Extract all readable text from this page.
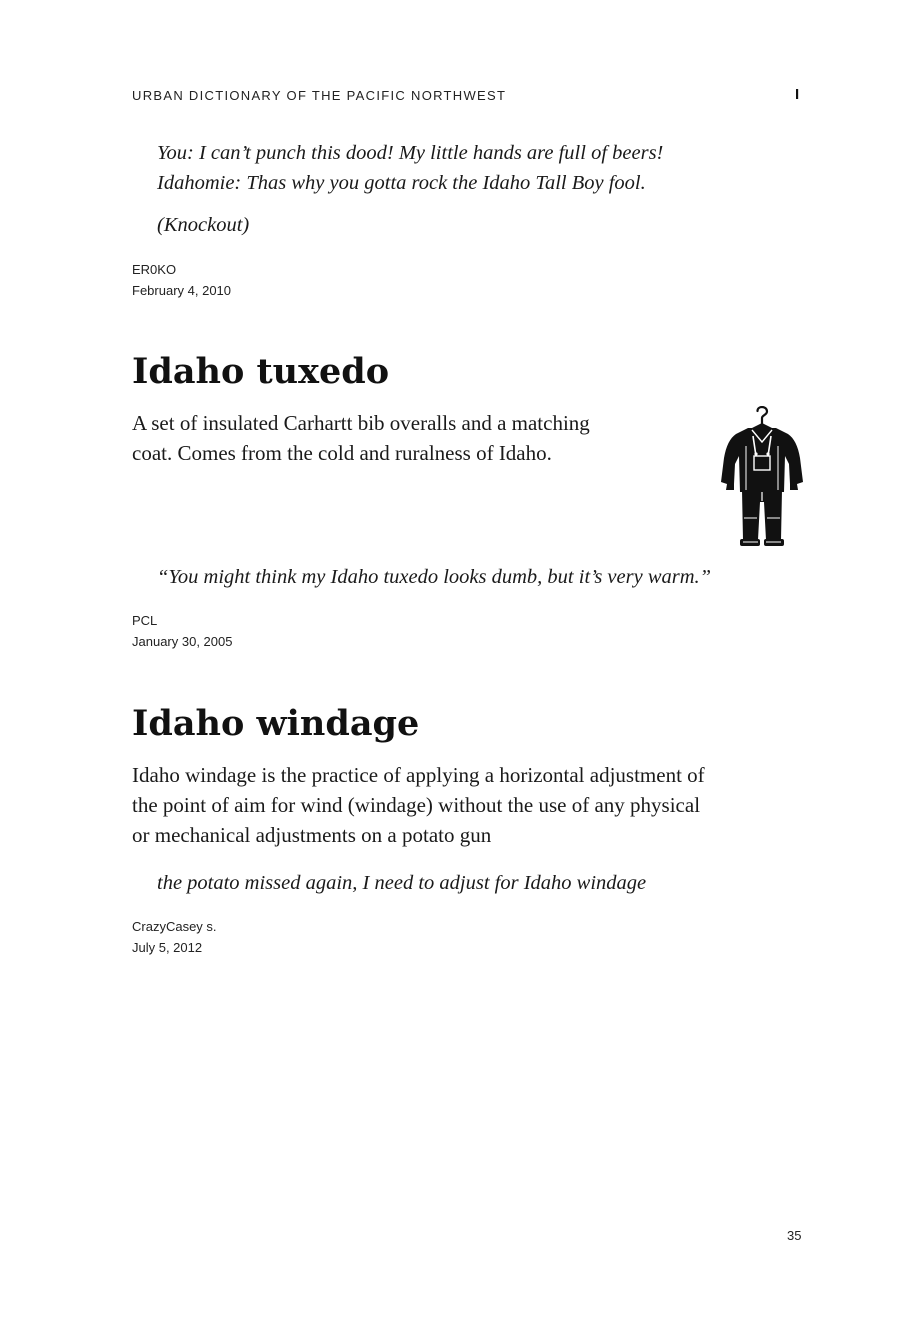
URBAN DICTIONARY OF THE PACIFIC NORTHWEST	I
You: I can’t punch this dood! My little hands are full of beers!
Idahomie: Thas why you gotta rock the Idaho Tall Boy fool.
(Knockout)
ER0KO
February 4, 2010
Idaho tuxedo
A set of insulated Carhartt bib overalls and a matching
coat. Comes from the cold and ruralness of Idaho.
“You might think my Idaho tuxedo looks dumb, but it’s very warm.”
PCL
January 30, 2005
Idaho windage
Idaho windage is the practice of applying a horizontal adjustment of
the point of aim for wind (windage) without the use of any physical
or mechanical adjustments on a potato gun
the potato missed again, I need to adjust for Idaho windage
CrazyCasey s.
July 5, 2012
35
